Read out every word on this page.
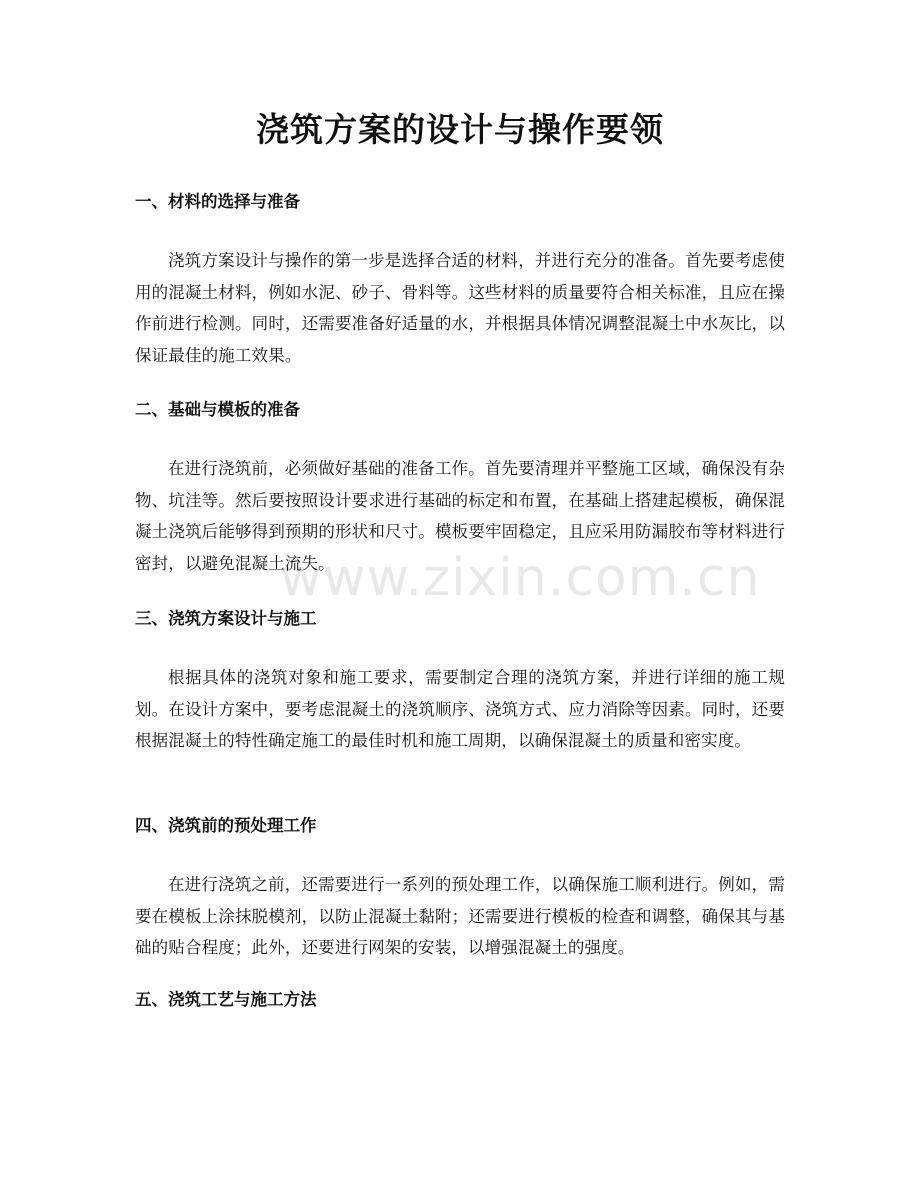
浇筑方案的设计与操作要领
一、材料的选择与准备

浇筑方案设计与操作的第一步是选择合适的材料，并进行充分的准备。首先要考虑使用的混凝土材料，例如水泥、砂子、骨料等。这些材料的质量要符合相关标准，且应在操作前进行检测。同时，还需要准备好适量的水，并根据具体情况调整混凝土中水灰比，以保证最佳的施工效果。

二、基础与模板的准备

在进行浇筑前，必须做好基础的准备工作。首先要清理并平整施工区域，确保没有杂物、坑洼等。然后要按照设计要求进行基础的标定和布置，在基础上搭建起模板，确保混凝土浇筑后能够得到预期的形状和尺寸。模板要牢固稳定，且应采用防漏胶布等材料进行密封，以避免混凝土流失。

三、浇筑方案设计与施工

根据具体的浇筑对象和施工要求，需要制定合理的浇筑方案，并进行详细的施工规划。在设计方案中，要考虑混凝土的浇筑顺序、浇筑方式、应力消除等因素。同时，还要根据混凝土的特性确定施工的最佳时机和施工周期，以确保混凝土的质量和密实度。

四、浇筑前的预处理工作

在进行浇筑之前，还需要进行一系列的预处理工作，以确保施工顺利进行。例如，需要在模板上涂抹脱模剂，以防止混凝土黏附；还需要进行模板的检查和调整，确保其与基础的贴合程度；此外，还要进行网架的安装，以增强混凝土的强度。

五、浇筑工艺与施工方法
www.zixin.com.cn
